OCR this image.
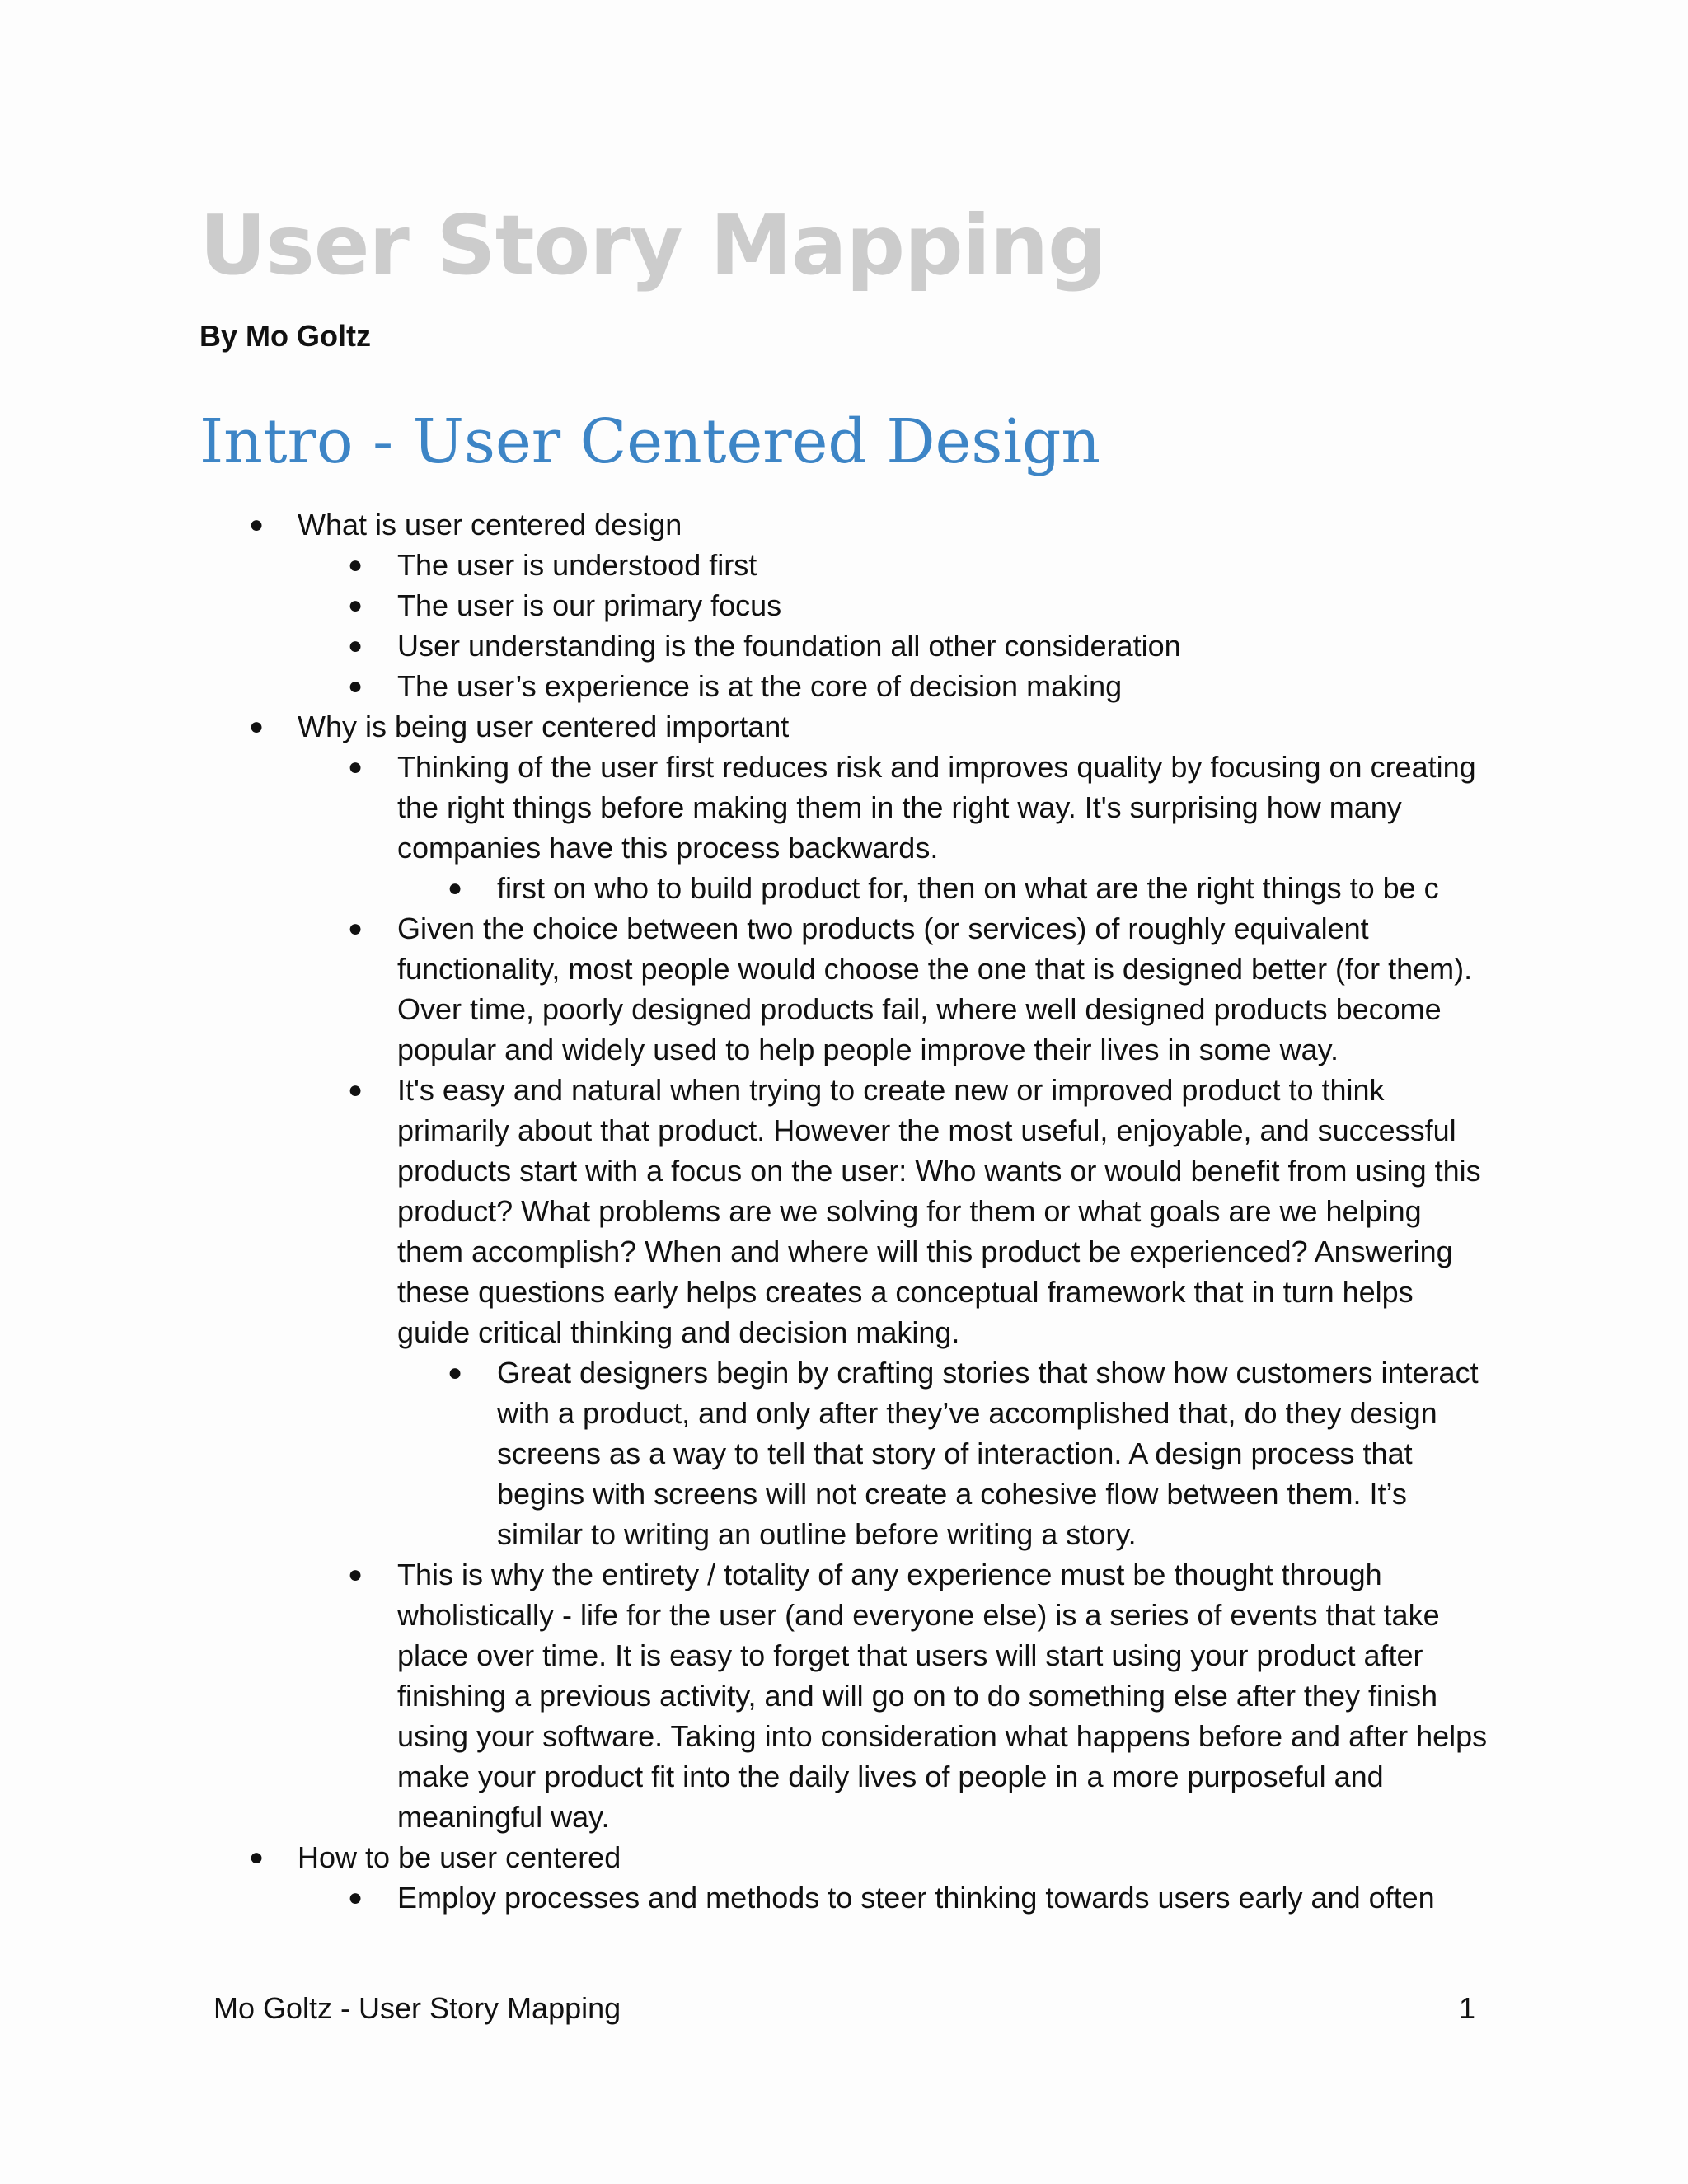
User Story Mapping

By Mo Goltz

Intro - User Centered Design
● What is user centered design
● The user is understood first
● The user is our primary focus
● User understanding is the foundation all other consideration
● The user’s experience is at the core of decision making
● Why is being user centered important
● Thinking of the user first reduces risk and improves quality by focusing on creating the right things before making them in the right way. It's surprising how many companies have this process backwards.
● first on who to build product for, then on what are the right things to be c
● Given the choice between two products (or services) of roughly equivalent functionality, most people would choose the one that is designed better (for them). Over time, poorly designed products fail, where well designed products become popular and widely used to help people improve their lives in some way.
● It's easy and natural when trying to create new or improved product to think primarily about that product. However the most useful, enjoyable, and successful products start with a focus on the user: Who wants or would benefit from using this product? What problems are we solving for them or what goals are we helping them accomplish? When and where will this product be experienced? Answering these questions early helps creates a conceptual framework that in turn helps guide critical thinking and decision making.
● Great designers begin by crafting stories that show how customers interact with a product, and only after they’ve accomplished that, do they design screens as a way to tell that story of interaction. A design process that begins with screens will not create a cohesive flow between them. It’s similar to writing an outline before writing a story.
● This is why the entirety / totality of any experience must be thought through wholistically - life for the user (and everyone else) is a series of events that take place over time. It is easy to forget that users will start using your product after finishing a previous activity, and will go on to do something else after they finish using your software. Taking into consideration what happens before and after helps make your product fit into the daily lives of people in a more purposeful and meaningful way.
● How to be user centered
● Employ processes and methods to steer thinking towards users early and often

Mo Goltz - User Story Mapping	1
